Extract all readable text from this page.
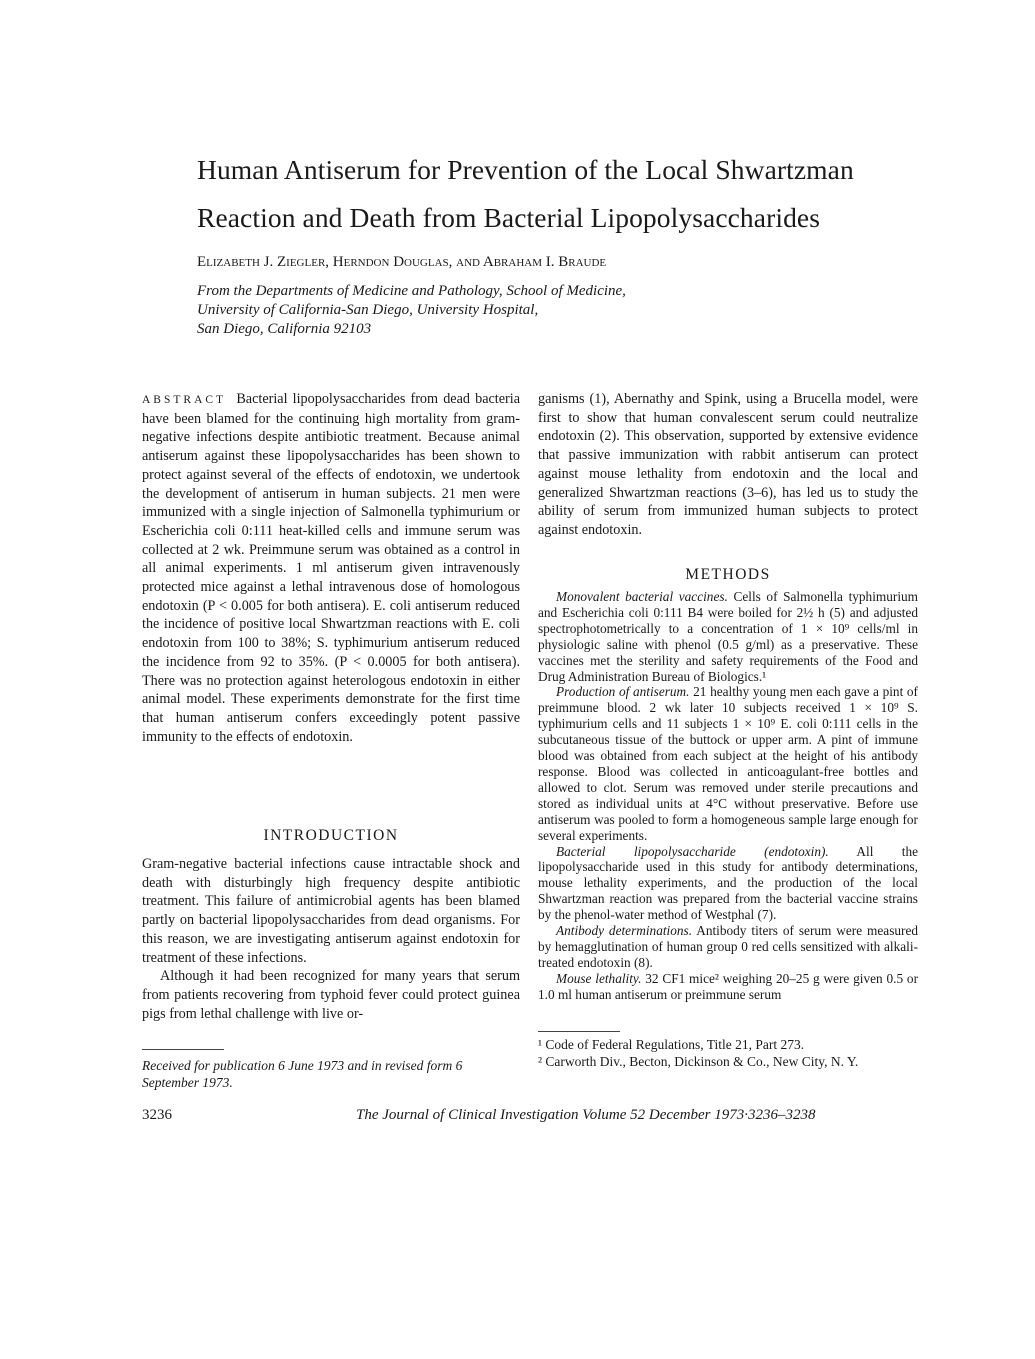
Human Antiserum for Prevention of the Local Shwartzman
Reaction and Death from Bacterial Lipopolysaccharides
Elizabeth J. Ziegler, Herndon Douglas, and Abraham I. Braude
From the Departments of Medicine and Pathology, School of Medicine,
University of California-San Diego, University Hospital,
San Diego, California 92103

ABSTRACT Bacterial lipopolysaccharides from dead bacteria have been blamed for the continuing high mortality from gram-negative infections despite antibiotic treatment. Because animal antiserum against these lipopolysaccharides has been shown to protect against several of the effects of endotoxin, we undertook the development of antiserum in human subjects. 21 men were immunized with a single injection of Salmonella typhimurium or Escherichia coli 0:111 heat-killed cells and immune serum was collected at 2 wk. Preimmune serum was obtained as a control in all animal experiments. 1 ml antiserum given intravenously protected mice against a lethal intravenous dose of homologous endotoxin (P < 0.005 for both antisera). E. coli antiserum reduced the incidence of positive local Shwartzman reactions with E. coli endotoxin from 100 to 38%; S. typhimurium antiserum reduced the incidence from 92 to 35%. (P < 0.0005 for both antisera). There was no protection against heterologous endotoxin in either animal model. These experiments demonstrate for the first time that human antiserum confers exceedingly potent passive immunity to the effects of endotoxin.

INTRODUCTION

Gram-negative bacterial infections cause intractable shock and death with disturbingly high frequency despite antibiotic treatment. This failure of antimicrobial agents has been blamed partly on bacterial lipopolysaccharides from dead organisms. For this reason, we are investigating antiserum against endotoxin for treatment of these infections.

Although it had been recognized for many years that serum from patients recovering from typhoid fever could protect guinea pigs from lethal challenge with live or-

ganisms (1), Abernathy and Spink, using a Brucella model, were first to show that human convalescent serum could neutralize endotoxin (2). This observation, supported by extensive evidence that passive immunization with rabbit antiserum can protect against mouse lethality from endotoxin and the local and generalized Shwartzman reactions (3–6), has led us to study the ability of serum from immunized human subjects to protect against endotoxin.

METHODS

Monovalent bacterial vaccines. Cells of Salmonella typhimurium and Escherichia coli 0:111 B4 were boiled for 2½ h (5) and adjusted spectrophotometrically to a concentration of 1 × 10⁹ cells/ml in physiologic saline with phenol (0.5 g/ml) as a preservative. These vaccines met the sterility and safety requirements of the Food and Drug Administration Bureau of Biologics.¹

Production of antiserum. 21 healthy young men each gave a pint of preimmune blood. 2 wk later 10 subjects received 1 × 10⁹ S. typhimurium cells and 11 subjects 1 × 10⁹ E. coli 0:111 cells in the subcutaneous tissue of the buttock or upper arm. A pint of immune blood was obtained from each subject at the height of his antibody response. Blood was collected in anticoagulant-free bottles and allowed to clot. Serum was removed under sterile precautions and stored as individual units at 4°C without preservative. Before use antiserum was pooled to form a homogeneous sample large enough for several experiments.

Bacterial lipopolysaccharide (endotoxin). All the lipopolysaccharide used in this study for antibody determinations, mouse lethality experiments, and the production of the local Shwartzman reaction was prepared from the bacterial vaccine strains by the phenol-water method of Westphal (7).

Antibody determinations. Antibody titers of serum were measured by hemagglutination of human group 0 red cells sensitized with alkali-treated endotoxin (8).

Mouse lethality. 32 CF1 mice² weighing 20–25 g were given 0.5 or 1.0 ml human antiserum or preimmune serum

Received for publication 6 June 1973 and in revised form 6 September 1973.

¹ Code of Federal Regulations, Title 21, Part 273.

² Carworth Div., Becton, Dickinson & Co., New City, N. Y.

3236	The Journal of Clinical Investigation Volume 52 December 1973·3236–3238
